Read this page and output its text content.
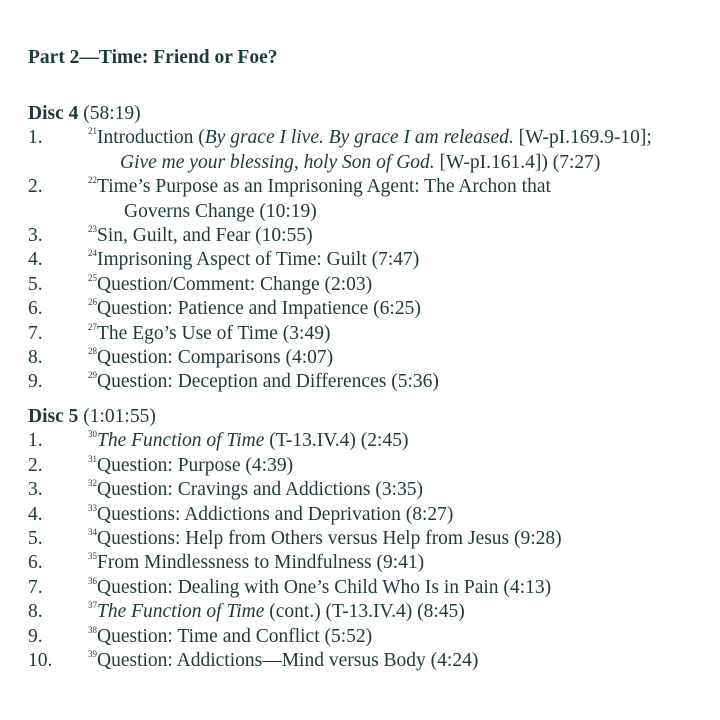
Part 2—Time: Friend or Foe?
Disc 4 (58:19)
1.	$^{21}$Introduction (By grace I live. By grace I am released. [W-pI.169.9-10];
Give me your blessing, holy Son of God. [W-pI.161.4]) (7:27)
2.	$^{22}$Time’s Purpose as an Imprisoning Agent: The Archon that
Governs Change (10:19)
3.	$^{23}$Sin, Guilt, and Fear (10:55)
4.	$^{24}$Imprisoning Aspect of Time: Guilt (7:47)
5.	$^{25}$Question/Comment: Change (2:03)
6.	$^{26}$Question: Patience and Impatience (6:25)
7.	$^{27}$The Ego’s Use of Time (3:49)
8.	$^{28}$Question: Comparisons (4:07)
9.	$^{29}$Question: Deception and Differences (5:36)
Disc 5 (1:01:55)
1.	$^{30}$The Function of Time (T-13.IV.4) (2:45)
2.	$^{31}$Question: Purpose (4:39)
3.	$^{32}$Question: Cravings and Addictions (3:35)
4.	$^{33}$Questions: Addictions and Deprivation (8:27)
5.	$^{34}$Questions: Help from Others versus Help from Jesus (9:28)
6.	$^{35}$From Mindlessness to Mindfulness (9:41)
7.	$^{36}$Question: Dealing with One’s Child Who Is in Pain (4:13)
8.	$^{37}$The Function of Time (cont.) (T-13.IV.4) (8:45)
9.	$^{38}$Question: Time and Conflict (5:52)
10.	$^{39}$Question: Addictions—Mind versus Body (4:24)
